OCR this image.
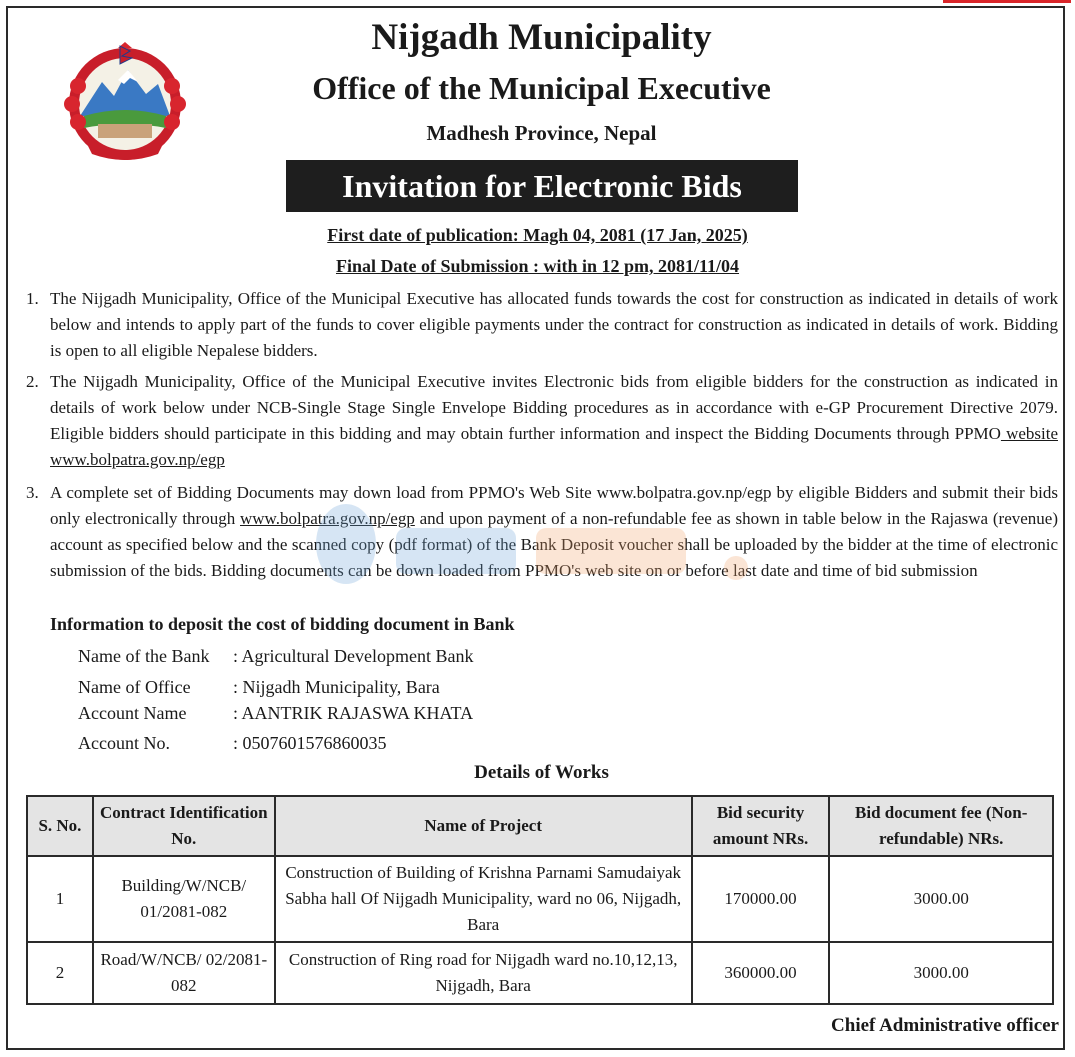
Nijgadh Municipality
Office of the Municipal Executive
Madhesh Province, Nepal
Invitation for Electronic Bids
First date of publication: Magh 04, 2081 (17 Jan, 2025)
Final Date of Submission : with in 12 pm, 2081/11/04
1. The Nijgadh Municipality, Office of the Municipal Executive has allocated funds towards the cost for construction as indicated in details of work below and intends to apply part of the funds to cover eligible payments under the contract for construction as indicated in details of work. Bidding is open to all eligible Nepalese bidders.
2. The Nijgadh Municipality, Office of the Municipal Executive invites Electronic bids from eligible bidders for the construction as indicated in details of work below under NCB-Single Stage Single Envelope Bidding procedures as in accordance with e-GP Procurement Directive 2079. Eligible bidders should participate in this bidding and may obtain further information and inspect the Bidding Documents through PPMO website www.bolpatra.gov.np/egp
3. A complete set of Bidding Documents may down load from PPMO's Web Site www.bolpatra.gov.np/egp by eligible Bidders and submit their bids only electronically through www.bolpatra.gov.np/egp and upon payment of a non-refundable fee as shown in table below in the Rajaswa (revenue) account as specified below and the scanned copy (pdf format) of the Bank Deposit voucher shall be uploaded by the bidder at the time of electronic submission of the bids. Bidding documents can be down loaded from PPMO's web site on or before last date and time of bid submission
Information to deposit the cost of bidding document in Bank
Name of the Bank : Agricultural Development Bank
Name of Office : Nijgadh Municipality, Bara
Account Name	: AANTRIK RAJASWA KHATA
Account No.	: 0507601576860035
Details of Works
S. No.	Contract Identification No.	Name of Project	Bid security amount NRs.	Bid document fee (Non-refundable) NRs.
1	Building/W/NCB/ 01/2081-082	Construction of Building of Krishna Parnami Samudaiyak Sabha hall Of Nijgadh Municipality, ward no 06, Nijgadh, Bara	170000.00	3000.00
2	Road/W/NCB/ 02/2081-082	Construction of Ring road for Nijgadh ward no.10,12,13, Nijgadh, Bara	360000.00	3000.00
Chief Administrative officer
